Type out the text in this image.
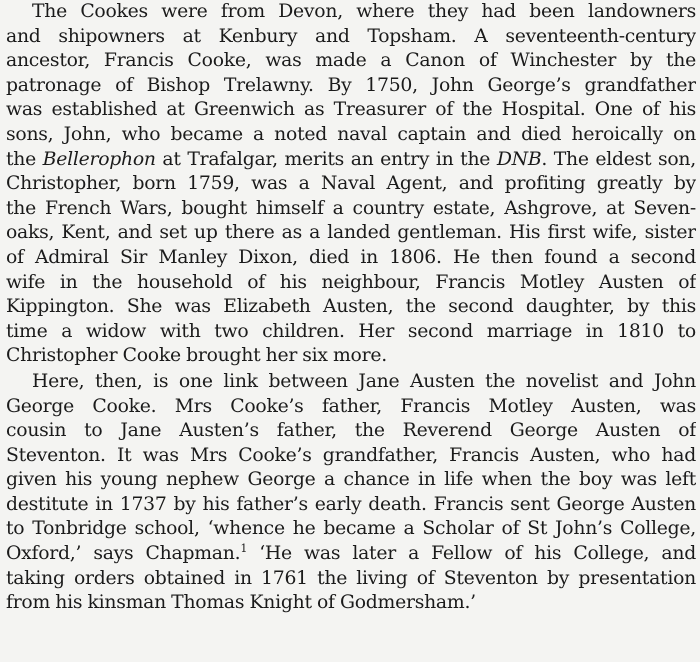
The Cookes were from Devon, where they had been landowners
and shipowners at Kenbury and Topsham. A seventeenth-century
ancestor, Francis Cooke, was made a Canon of Winchester by the
patronage of Bishop Trelawny. By 1750, John George’s grandfather
was established at Greenwich as Treasurer of the Hospital. One of his
sons, John, who became a noted naval captain and died heroically on
the Bellerophon at Trafalgar, merits an entry in the DNB. The eldest son,
Christopher, born 1759, was a Naval Agent, and profiting greatly by
the French Wars, bought himself a country estate, Ashgrove, at Seven-
oaks, Kent, and set up there as a landed gentleman. His first wife, sister
of Admiral Sir Manley Dixon, died in 1806. He then found a second
wife in the household of his neighbour, Francis Motley Austen of
Kippington. She was Elizabeth Austen, the second daughter, by this
time a widow with two children. Her second marriage in 1810 to
Christopher Cooke brought her six more.
Here, then, is one link between Jane Austen the novelist and John
George Cooke. Mrs Cooke’s father, Francis Motley Austen, was
cousin to Jane Austen’s father, the Reverend George Austen of
Steventon. It was Mrs Cooke’s grandfather, Francis Austen, who had
given his young nephew George a chance in life when the boy was left
destitute in 1737 by his father’s early death. Francis sent George Austen
to Tonbridge school, ‘whence he became a Scholar of St John’s College,
Oxford,’ says Chapman.$^1$ ‘He was later a Fellow of his College, and
taking orders obtained in 1761 the living of Steventon by presentation
from his kinsman Thomas Knight of Godmersham.’
